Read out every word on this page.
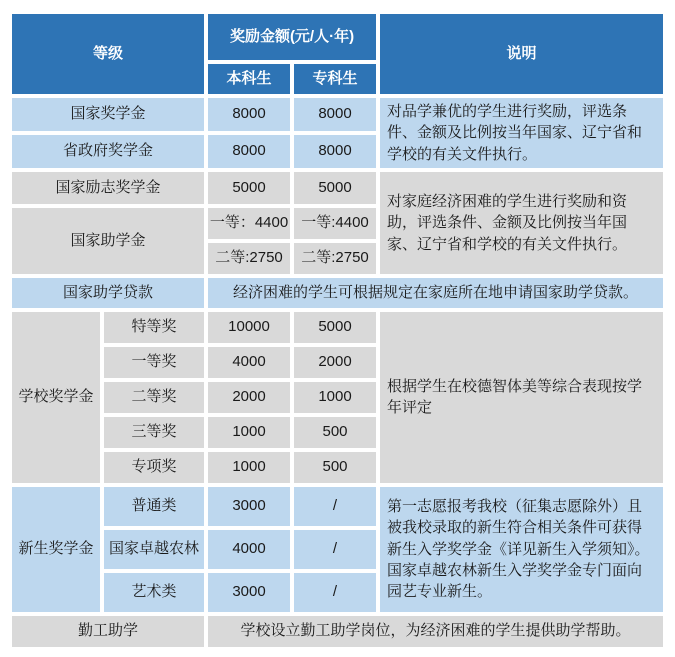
等级		奖励金额(元/人·年)		说明
		本科生	专科生	
国家奖学金		8000	8000	对品学兼优的学生进行奖励，评选条件、金额及比例按当年国家、辽宁省和学校的有关文件执行。
省政府奖学金		8000	8000	
国家励志奖学金		5000	5000	对家庭经济困难的学生进行奖励和资助，评选条件、金额及比例按当年国家、辽宁省和学校的有关文件执行。
国家助学金		一等：4400	一等:4400	
		二等:2750	二等:2750	
国家助学贷款		经济困难的学生可根据规定在家庭所在地申请国家助学贷款。		
学校奖学金	特等奖	10000	5000	根据学生在校德智体美等综合表现按学年评定
	一等奖	4000	2000	
	二等奖	2000	1000	
	三等奖	1000	500	
	专项奖	1000	500	
新生奖学金	普通类	3000	/	第一志愿报考我校（征集志愿除外）且被我校录取的新生符合相关条件可获得新生入学奖学金《详见新生入学须知》。国家卓越农林新生入学奖学金专门面向园艺专业新生。
	国家卓越农林	4000	/	
	艺术类	3000	/	
勤工助学		学校设立勤工助学岗位，为经济困难的学生提供助学帮助。		
